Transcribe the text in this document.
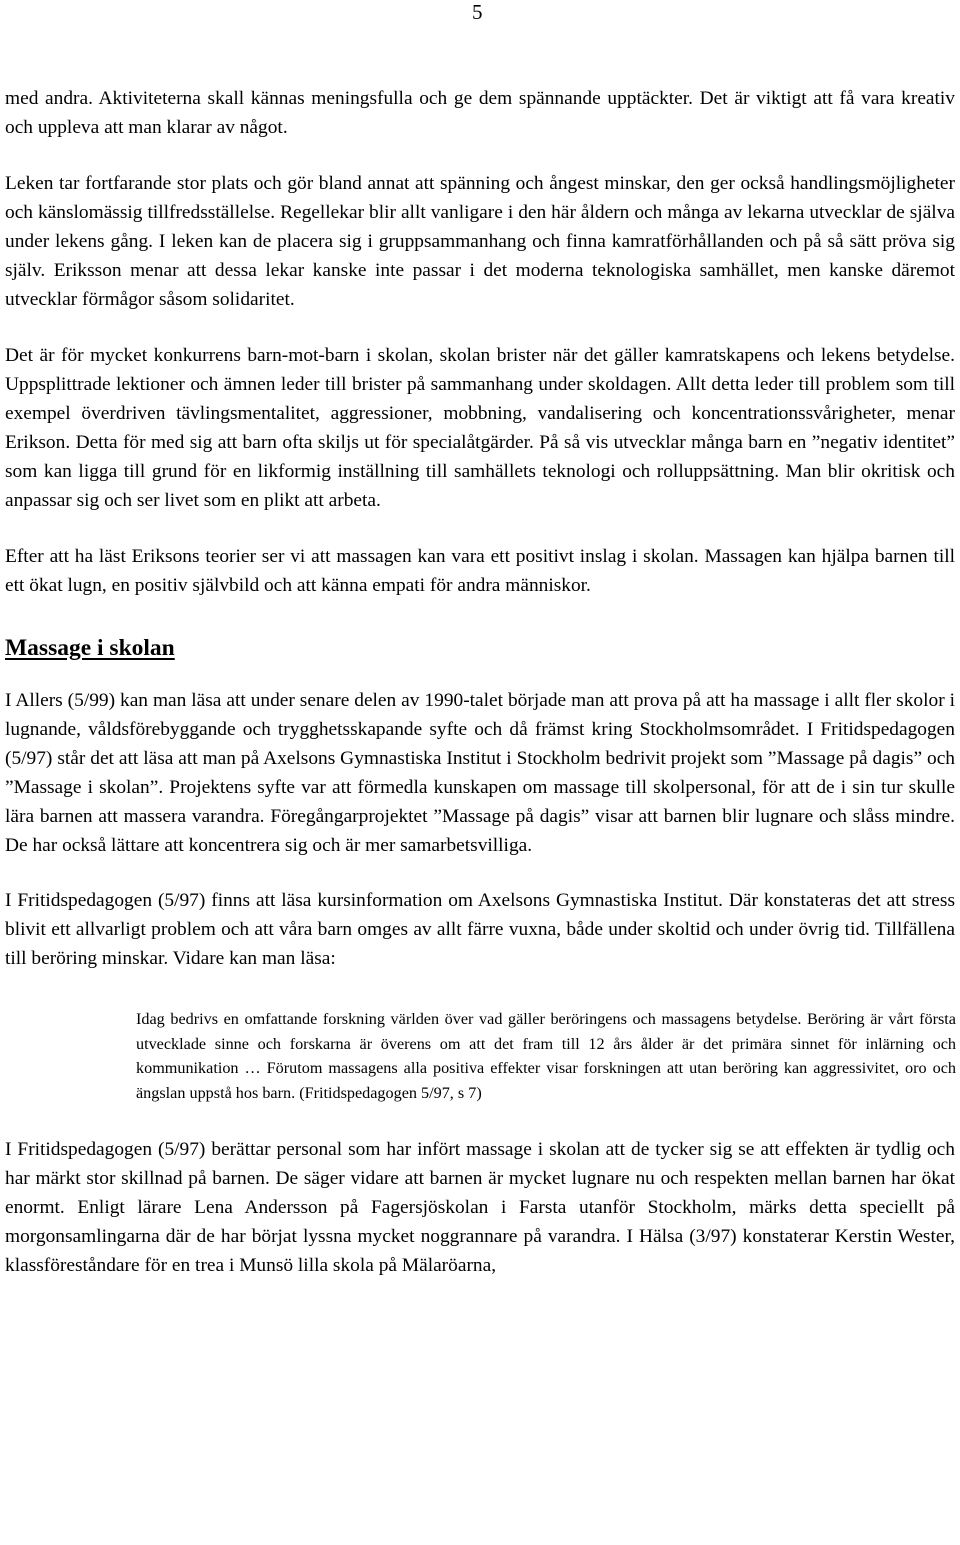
5

med andra. Aktiviteterna skall kännas meningsfulla och ge dem spännande upptäckter. Det är viktigt att få vara kreativ och uppleva att man klarar av något.

Leken tar fortfarande stor plats och gör bland annat att spänning och ångest minskar, den ger också handlingsmöjligheter och känslomässig tillfredsställelse. Regellekar blir allt vanligare i den här åldern och många av lekarna utvecklar de själva under lekens gång. I leken kan de placera sig i gruppsammanhang och finna kamratförhållanden och på så sätt pröva sig själv. Eriksson menar att dessa lekar kanske inte passar i det moderna teknologiska samhället, men kanske däremot utvecklar förmågor såsom solidaritet.

Det är för mycket konkurrens barn-mot-barn i skolan, skolan brister när det gäller kamratskapens och lekens betydelse. Uppsplittrade lektioner och ämnen leder till brister på sammanhang under skoldagen. Allt detta leder till problem som till exempel överdriven tävlingsmentalitet, aggressioner, mobbning, vandalisering och koncentrationssvårigheter, menar Erikson. Detta för med sig att barn ofta skiljs ut för specialåtgärder. På så vis utvecklar många barn en ”negativ identitet” som kan ligga till grund för en likformig inställning till samhällets teknologi och rolluppsättning. Man blir okritisk och anpassar sig och ser livet som en plikt att arbeta.

Efter att ha läst Eriksons teorier ser vi att massagen kan vara ett positivt inslag i skolan. Massagen kan hjälpa barnen till ett ökat lugn, en positiv självbild och att känna empati för andra människor.

Massage i skolan

I Allers (5/99) kan man läsa att under senare delen av 1990-talet började man att prova på att ha massage i allt fler skolor i lugnande, våldsförebyggande och trygghetsskapande syfte och då främst kring Stockholmsområdet. I Fritidspedagogen (5/97) står det att läsa att man på Axelsons Gymnastiska Institut i Stockholm bedrivit projekt som ”Massage på dagis” och ”Massage i skolan”. Projektens syfte var att förmedla kunskapen om massage till skolpersonal, för att de i sin tur skulle lära barnen att massera varandra. Föregångarprojektet ”Massage på dagis” visar att barnen blir lugnare och slåss mindre. De har också lättare att koncentrera sig och är mer samarbetsvilliga.

I Fritidspedagogen (5/97) finns att läsa kursinformation om Axelsons Gymnastiska Institut. Där konstateras det att stress blivit ett allvarligt problem och att våra barn omges av allt färre vuxna, både under skoltid och under övrig tid. Tillfällena till beröring minskar. Vidare kan man läsa:

Idag bedrivs en omfattande forskning världen över vad gäller beröringens och massagens betydelse. Beröring är vårt första utvecklade sinne och forskarna är överens om att det fram till 12 års ålder är det primära sinnet för inlärning och kommunikation … Förutom massagens alla positiva effekter visar forskningen att utan beröring kan aggressivitet, oro och ängslan uppstå hos barn. (Fritidspedagogen 5/97, s 7)

I Fritidspedagogen (5/97) berättar personal som har infört massage i skolan att de tycker sig se att effekten är tydlig och har märkt stor skillnad på barnen. De säger vidare att barnen är mycket lugnare nu och respekten mellan barnen har ökat enormt. Enligt lärare Lena Andersson på Fagersjöskolan i Farsta utanför Stockholm, märks detta speciellt på morgonsamlingarna där de har börjat lyssna mycket noggrannare på varandra. I Hälsa (3/97) konstaterar Kerstin Wester, klassföreståndare för en trea i Munsö lilla skola på Mälaröarna,
